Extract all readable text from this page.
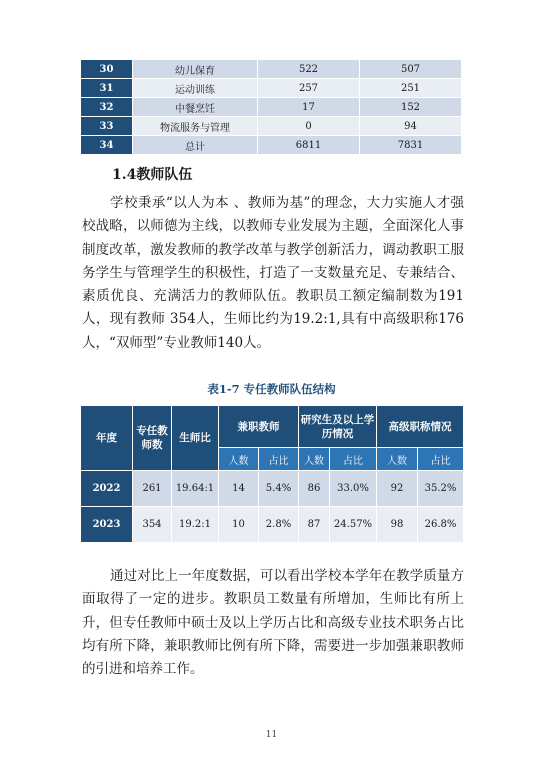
30	幼儿保育	522	507
31	运动训练	257	251
32	中餐烹饪	17	152
33	物流服务与管理	0	94
34	总计	6811	7831
1.4教师队伍
学校秉承“以人为本 、教师为基”的理念，大力实施人才强校战略，以师德为主线，以教师专业发展为主题，全面深化人事制度改革，激发教师的教学改革与教学创新活力，调动教职工服务学生与管理学生的积极性，打造了一支数量充足、专兼结合、素质优良、充满活力的教师队伍。教职员工额定编制数为191人，现有教师 354人，生师比约为19.2:1,具有中高级职称176人，“双师型”专业教师140人。
表1-7 专任教师队伍结构
年度	专任教师数	生师比	兼职教师		研究生及以上学历情况		高级职称情况	
			人数	占比	人数	占比	人数	占比
2022	261	19.64:1	14	5.4%	86	33.0%	92	35.2%
2023	354	19.2:1	10	2.8%	87	24.57%	98	26.8%
通过对比上一年度数据，可以看出学校本学年在教学质量方面取得了一定的进步。教职员工数量有所增加，生师比有所上升，但专任教师中硕士及以上学历占比和高级专业技术职务占比均有所下降，兼职教师比例有所下降，需要进一步加强兼职教师的引进和培养工作。
11
